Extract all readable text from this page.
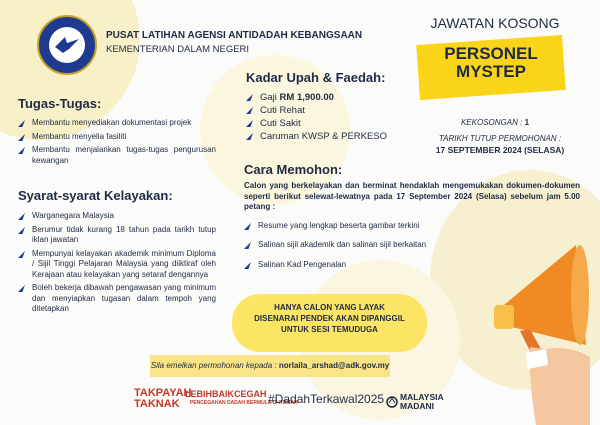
PUSAT LATIHAN AGENSI ANTIDADAH KEBANGSAAN
KEMENTERIAN DALAM NEGERI
Tugas-Tugas:
Membantu menyediakan dokumentasi projek
Membantu menyelia fasiliti
Membantu menjalankan tugas-tugas pengurusan kewangan
Syarat-syarat Kelayakan:
Warganegara Malaysia
Berumur tidak kurang 18 tahun pada tarikh tutup iklan jawatan
Mempunyai kelayakan akademik minimum Diploma / Sijil Tinggi Pelajaran Malaysia yang diiktiraf oleh Kerajaan atau kelayakan yang setaraf dengannya
Boleh bekerja dibawah pengawasan yang minimum dan menyiapkan tugasan dalam tempoh yang ditetapkan
Kadar Upah & Faedah:
Gaji RM 1,900.00
Cuti Rehat
Cuti Sakit
Caruman KWSP & PERKESO
Cara Memohon:

Calon yang berkelayakan dan berminat hendaklah mengemukakan dokumen-dokumen seperti berikut selewat-lewatnya pada 17 September 2024 (Selasa) sebelum jam 5.00 petang :

Resume yang lengkap beserta gambar terkini
Salinan sijil akademik dan salinan sijil berkaitan
Salinan Kad Pengenalan
JAWATAN KOSONG
PERSONEL
MYSTEP
KEKOSONGAN : 1
TARIKH TUTUP PERMOHONAN :
17 SEPTEMBER 2024 (SELASA)
HANYA CALON YANG LAYAK
DISENARAI PENDEK AKAN DIPANGGIL
UNTUK SESI TEMUDUGA
Sila emelkan permohonan kepada : norlaila_arshad@adk.gov.my
TAKPAYAH
TAKNAK
LEBIHBAIKCEGAH
PENCEGAHAN DADAH BERMULA DI RUMAH
#DadahTerkawal2025 MALAYSIA
MADANI
